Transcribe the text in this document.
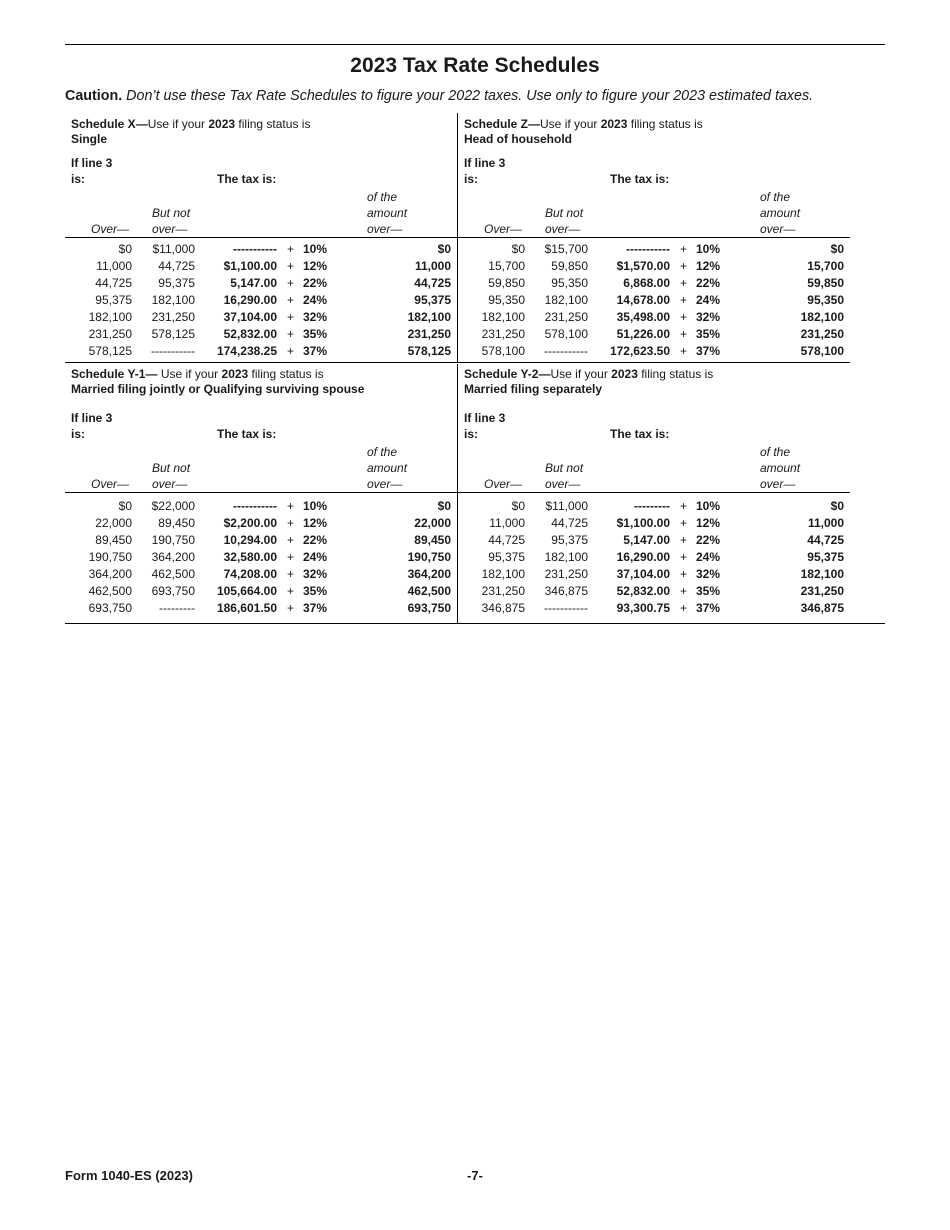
2023 Tax Rate Schedules
Caution. Don’t use these Tax Rate Schedules to figure your 2022 taxes. Use only to figure your 2023 estimated taxes.
Schedule X—Use if your 2023 filing status is
Single
If line 3
is:	The tax is:
of the
amount
over—
But not
over—
Over—
$0 $11,000	----------- + 10%	$0
11,000 44,725 $1,100.00 + 12%	11,000
44,725 95,375	5,147.00 + 22%	44,725
95,375 182,100 16,290.00 + 24%	95,375
182,100 231,250 37,104.00 + 32%	182,100
231,250 578,125 52,832.00 + 35%	231,250
578,125 ----------- 174,238.25 + 37%	578,125
Schedule Z—Use if your 2023 filing status is
Head of household
If line 3
is:	The tax is:
of the
amount
over—
But not
over—
Over—
$0 $15,700	----------- + 10%	$0
15,700 59,850 $1,570.00 + 12%	15,700
59,850 95,350	6,868.00 + 22%	59,850
95,350 182,100 14,678.00 + 24%	95,350
182,100 231,250 35,498.00 + 32%	182,100
231,250 578,100 51,226.00 + 35%	231,250
578,100 ----------- 172,623.50 + 37%	578,100
Schedule Y-1— Use if your 2023 filing status is
Married filing jointly or Qualifying surviving spouse
If line 3
is:	The tax is:
of the
amount
over—
But not
over—
Over—
$0 $22,000	----------- + 10%	$0
22,000 89,450 $2,200.00 + 12%	22,000
89,450 190,750 10,294.00 + 22%	89,450
190,750 364,200 32,580.00 + 24%	190,750
364,200 462,500 74,208.00 + 32%	364,200
462,500 693,750 105,664.00 + 35%	462,500
693,750 --------- 186,601.50 + 37%	693,750
Schedule Y-2—Use if your 2023 filing status is
Married filing separately
If line 3
is:	The tax is:
of the
amount
over—
But not
over—
Over—
$0 $11,000	--------- + 10%	$0
11,000 44,725 $1,100.00 + 12%	11,000
44,725 95,375	5,147.00 + 22%	44,725
95,375 182,100 16,290.00 + 24%	95,375
182,100 231,250 37,104.00 + 32%	182,100
231,250 346,875 52,832.00 + 35%	231,250
346,875 ----------- 93,300.75 + 37%	346,875
Form 1040-ES (2023)	-7-
